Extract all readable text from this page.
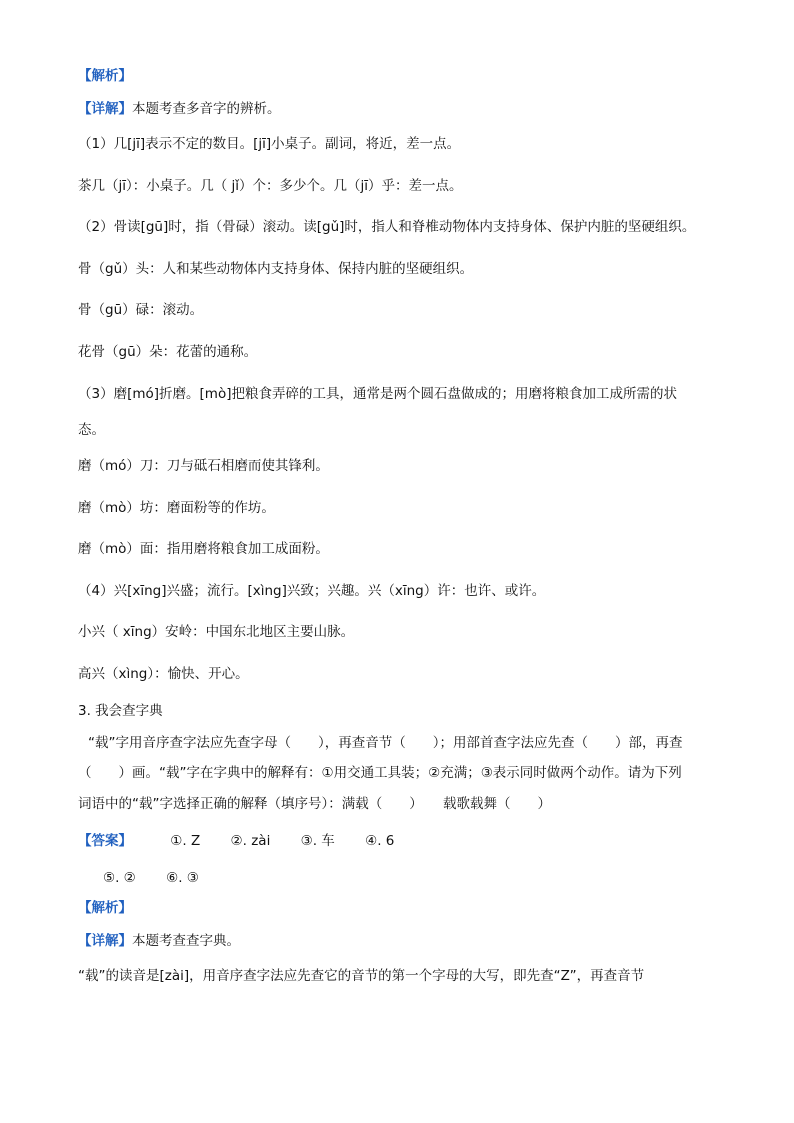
【解析】
【详解】本题考查多音字的辨析。
（1）几[jī]表示不定的数目。[jī]小桌子。副词，将近，差一点。
茶几（jī）：小桌子。几（ jǐ）个：多少个。几（jī）乎：差一点。
（2）骨读[gū]时，指（骨碌）滚动。读[gǔ]时，指人和脊椎动物体内支持身体、保护内脏的坚硬组织。
骨（gǔ）头：人和某些动物体内支持身体、保持内脏的坚硬组织。
骨（gū）碌：滚动。
花骨（gū）朵：花蕾的通称。
（3）磨[mó]折磨。[mò]把粮食弄碎的工具，通常是两个圆石盘做成的；用磨将粮食加工成所需的状
态。
磨（mó）刀：刀与砥石相磨而使其锋利。
磨（mò）坊：磨面粉等的作坊。
磨（mò）面：指用磨将粮食加工成面粉。
（4）兴[xīng]兴盛；流行。[xìng]兴致；兴趣。兴（xīng）许：也许、或许。
小兴（ xīng）安岭：中国东北地区主要山脉。
高兴（xìng）：愉快、开心。
3. 我会查字典
“载”字用音序查字法应先查字母（　　），再查音节（　　）；用部首查字法应先查（　　）部，再查
（　　）画。“载”字在字典中的解释有：①用交通工具装；②充满；③表示同时做两个动作。请为下列
词语中的“载”字选择正确的解释（填序号）：满载（　　）　　载歌载舞（　　）
【答案】	①. Z ②. zài ③. 车 ④. 6
⑤. ② ⑥. ③
【解析】
【详解】本题考查查字典。
“载”的读音是[zài]，用音序查字法应先查它的音节的第一个字母的大写，即先查“Z”，再查音节
